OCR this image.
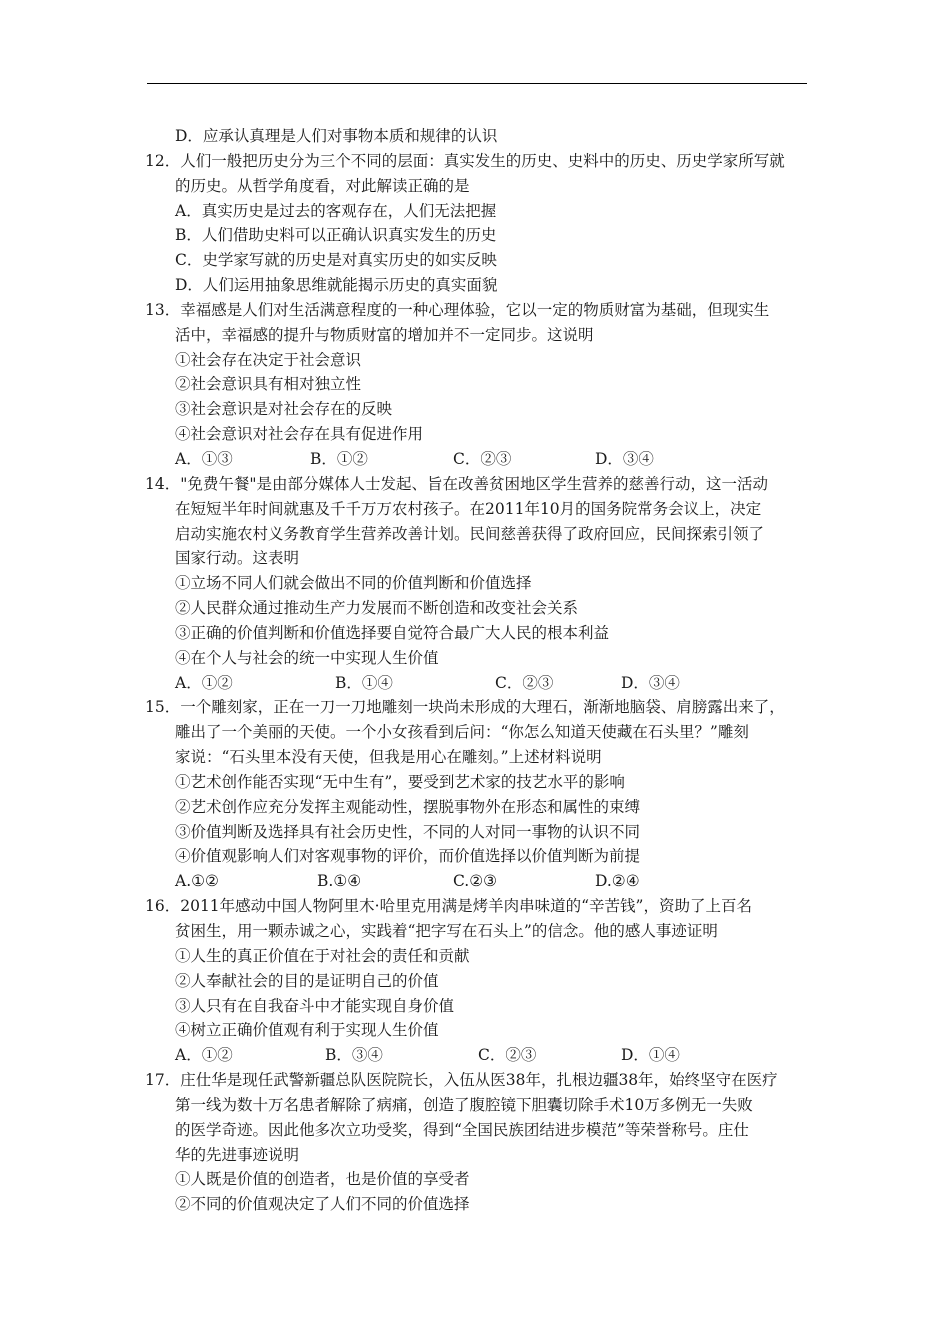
D．应承认真理是人们对事物本质和规律的认识
12．人们一般把历史分为三个不同的层面：真实发生的历史、史料中的历史、历史学家所写就
的历史。从哲学角度看，对此解读正确的是
A．真实历史是过去的客观存在，人们无法把握
B．人们借助史料可以正确认识真实发生的历史
C．史学家写就的历史是对真实历史的如实反映
D．人们运用抽象思维就能揭示历史的真实面貌
13．幸福感是人们对生活满意程度的一种心理体验，它以一定的物质财富为基础，但现实生
活中，幸福感的提升与物质财富的增加并不一定同步。这说明
①社会存在决定于社会意识
②社会意识具有相对独立性
③社会意识是对社会存在的反映
④社会意识对社会存在具有促进作用
A．①③	B．①②	C．②③	D．③④
14．"免费午餐"是由部分媒体人士发起、旨在改善贫困地区学生营养的慈善行动，这一活动
在短短半年时间就惠及千千万万农村孩子。在2011年10月的国务院常务会议上，决定
启动实施农村义务教育学生营养改善计划。民间慈善获得了政府回应，民间探索引领了
国家行动。这表明
①立场不同人们就会做出不同的价值判断和价值选择
②人民群众通过推动生产力发展而不断创造和改变社会关系
③正确的价值判断和价值选择要自觉符合最广大人民的根本利益
④在个人与社会的统一中实现人生价值
A．①②	B．①④	C．②③	D．③④
15．一个雕刻家，正在一刀一刀地雕刻一块尚未形成的大理石，渐渐地脑袋、肩膀露出来了，
雕出了一个美丽的天使。一个小女孩看到后问：“你怎么知道天使藏在石头里？”雕刻
家说：“石头里本没有天使，但我是用心在雕刻。”上述材料说明
①艺术创作能否实现“无中生有”，要受到艺术家的技艺水平的影响
②艺术创作应充分发挥主观能动性，摆脱事物外在形态和属性的束缚
③价值判断及选择具有社会历史性，不同的人对同一事物的认识不同
④价值观影响人们对客观事物的评价，而价值选择以价值判断为前提
A.①②	B.①④	C.②③	D.②④
16．2011年感动中国人物阿里木·哈里克用满是烤羊肉串味道的“辛苦钱”，资助了上百名
贫困生，用一颗赤诚之心，实践着“把字写在石头上”的信念。他的感人事迹证明
①人生的真正价值在于对社会的责任和贡献
②人奉献社会的目的是证明自己的价值
③人只有在自我奋斗中才能实现自身价值
④树立正确价值观有利于实现人生价值
A．①②	B．③④	C．②③	D．①④
17．庄仕华是现任武警新疆总队医院院长，入伍从医38年，扎根边疆38年，始终坚守在医疗
第一线为数十万名患者解除了病痛，创造了腹腔镜下胆囊切除手术10万多例无一失败
的医学奇迹。因此他多次立功受奖，得到“全国民族团结进步模范”等荣誉称号。庄仕
华的先进事迹说明
①人既是价值的创造者，也是价值的享受者
②不同的价值观决定了人们不同的价值选择
